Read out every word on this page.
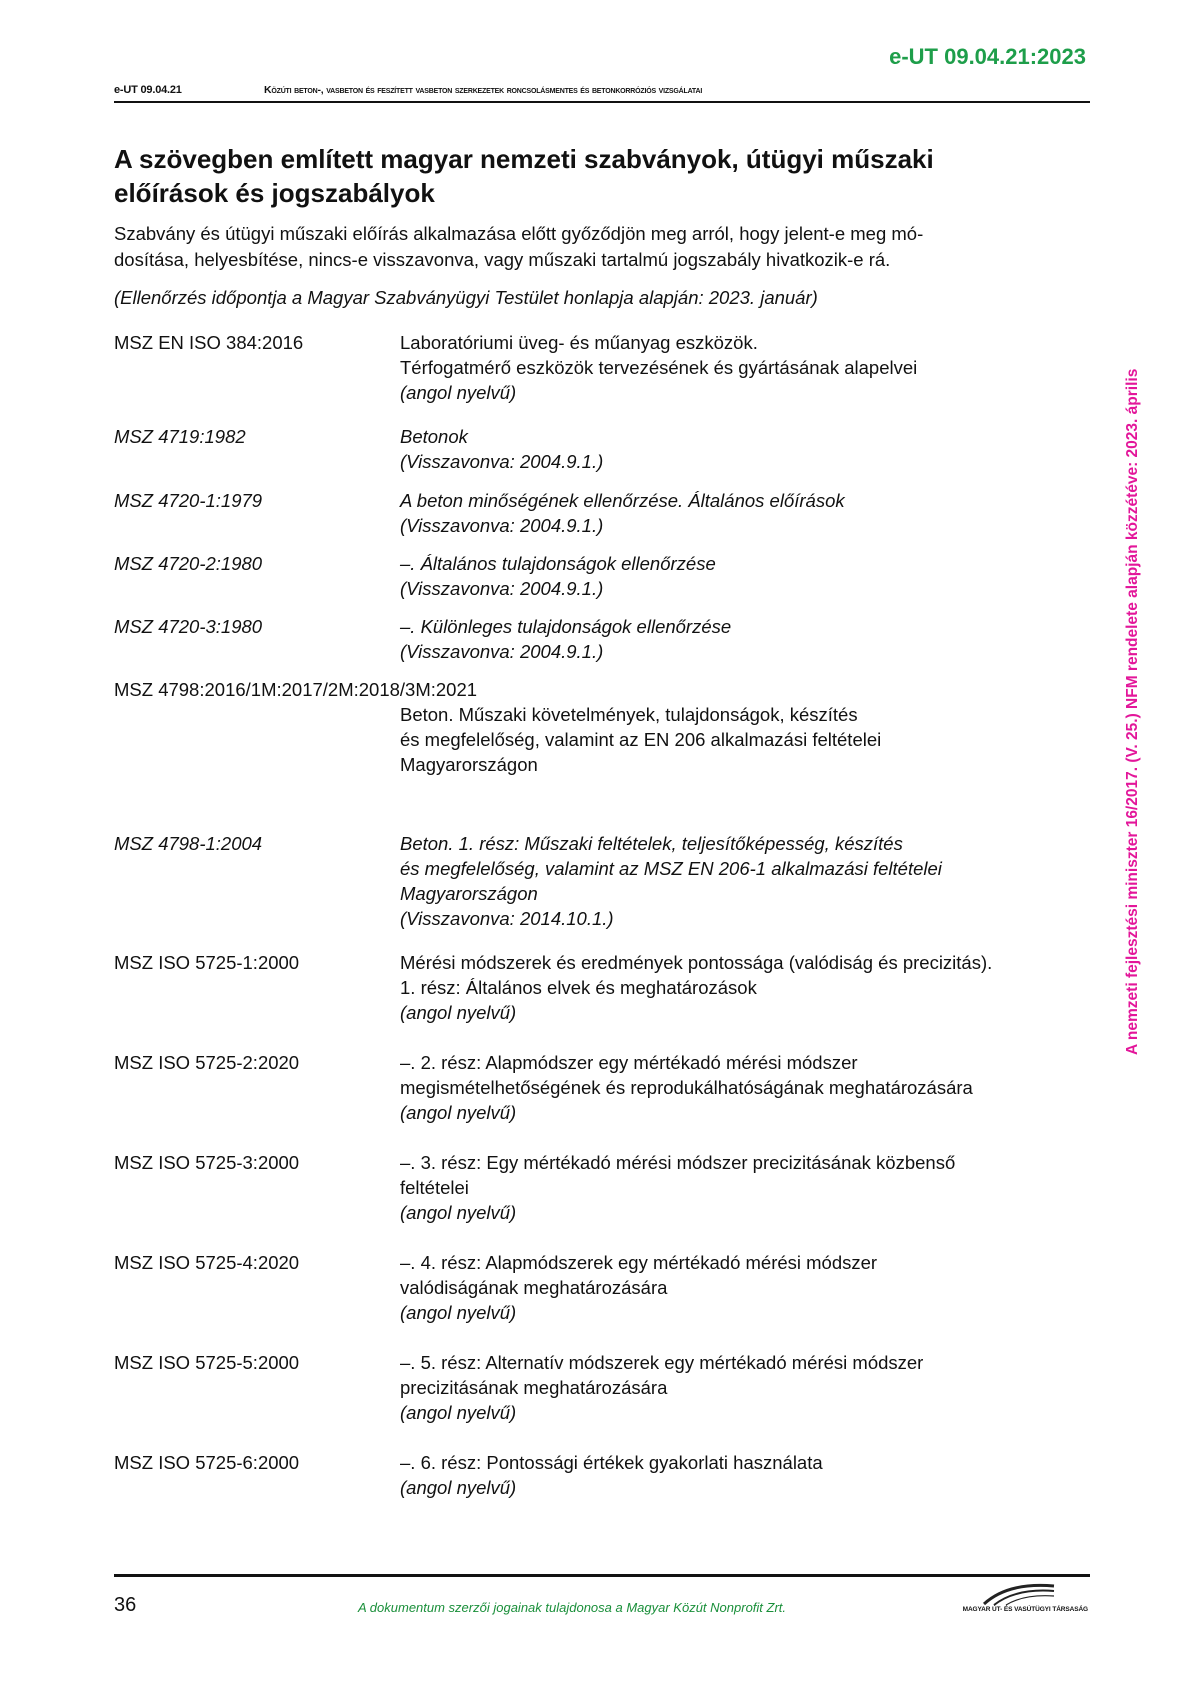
e-UT 09.04.21:2023
e-UT 09.04.21	Közúti beton-, vasbeton és feszített vasbeton szerkezetek roncsolásmentes és betonkorróziós vizsgálatai
A nemzeti fejlesztési miniszter 16/2017. (V. 25.) NFM rendelete alapján közzétéve: 2023. április
A szövegben említett magyar nemzeti szabványok, útügyi műszaki
előírások és jogszabályok

Szabvány és útügyi műszaki előírás alkalmazása előtt győződjön meg arról, hogy jelent-e meg mó-
dosítása, helyesbítése, nincs-e visszavonva, vagy műszaki tartalmú jogszabály hivatkozik-e rá.

(Ellenőrzés időpontja a Magyar Szabványügyi Testület honlapja alapján: 2023. január)

MSZ EN ISO 384:2016	Laboratóriumi üveg- és műanyag eszközök.
Térfogatmérő eszközök tervezésének és gyártásának alapelvei
(angol nyelvű)
MSZ 4719:1982	Betonok
(Visszavonva: 2004.9.1.)
MSZ 4720-1:1979	A beton minőségének ellenőrzése. Általános előírások
(Visszavonva: 2004.9.1.)
MSZ 4720-2:1980	–. Általános tulajdonságok ellenőrzése
(Visszavonva: 2004.9.1.)
MSZ 4720-3:1980	–. Különleges tulajdonságok ellenőrzése
(Visszavonva: 2004.9.1.)
MSZ 4798:2016/1M:2017/2M:2018/3M:2021
Beton. Műszaki követelmények, tulajdonságok, készítés
és megfelelőség, valamint az EN 206 alkalmazási feltételei
Magyarországon
MSZ 4798-1:2004	Beton. 1. rész: Műszaki feltételek, teljesítőképesség, készítés
és megfelelőség, valamint az MSZ EN 206-1 alkalmazási feltételei
Magyarországon
(Visszavonva: 2014.10.1.)
MSZ ISO 5725-1:2000	Mérési módszerek és eredmények pontossága (valódiság és precizitás).
1. rész: Általános elvek és meghatározások
(angol nyelvű)
MSZ ISO 5725-2:2020	–. 2. rész: Alapmódszer egy mértékadó mérési módszer
megismételhetőségének és reprodukálhatóságának meghatározására
(angol nyelvű)
MSZ ISO 5725-3:2000	–. 3. rész: Egy mértékadó mérési módszer precizitásának közbenső
feltételei
(angol nyelvű)
MSZ ISO 5725-4:2020	–. 4. rész: Alapmódszerek egy mértékadó mérési módszer
valódiságának meghatározására
(angol nyelvű)
MSZ ISO 5725-5:2000	–. 5. rész: Alternatív módszerek egy mértékadó mérési módszer
precizitásának meghatározására
(angol nyelvű)
MSZ ISO 5725-6:2000	–. 6. rész: Pontossági értékek gyakorlati használata
(angol nyelvű)
36	A dokumentum szerzői jogainak tulajdonosa a Magyar Közút Nonprofit Zrt.	MAGYAR ÚT- ÉS VASÚTÜGYI TÁRSASÁG
